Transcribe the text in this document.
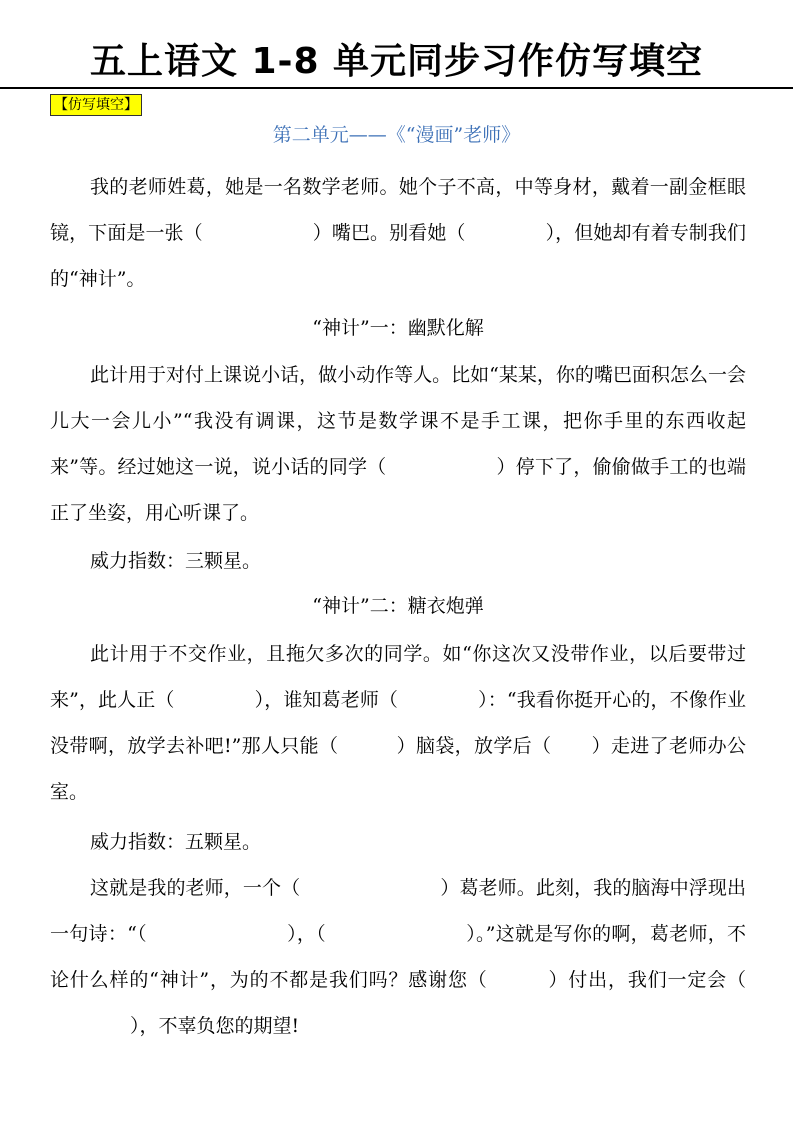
五上语文 1-8 单元同步习作仿写填空
【仿写填空】
第二单元——《“漫画”老师》

我的老师姓葛，她是一名数学老师。她个子不高，中等身材，戴着一副金框眼镜，下面是一张（	）嘴巴。别看她（	），但她却有着专制我们的“神计”。

“神计”一：幽默化解

此计用于对付上课说小话，做小动作等人。比如“某某，你的嘴巴面积怎么一会儿大一会儿小”“我没有调课，这节是数学课不是手工课，把你手里的东西收起来”等。经过她这一说，说小话的同学（	）停下了，偷偷做手工的也端正了坐姿，用心听课了。

威力指数：三颗星。

“神计”二：糖衣炮弹

此计用于不交作业，且拖欠多次的同学。如“你这次又没带作业，以后要带过来”，此人正（	），谁知葛老师（	）：“我看你挺开心的，不像作业没带啊，放学去补吧!”那人只能（	）脑袋，放学后（ ）走进了老师办公室。

威力指数：五颗星。

这就是我的老师，一个（	）葛老师。此刻，我的脑海中浮现出一句诗：“（	），（	）。”这就是写你的啊，葛老师，不论什么样的“神计”，为的不都是我们吗？感谢您（	）付出，我们一定会（），不辜负您的期望!
